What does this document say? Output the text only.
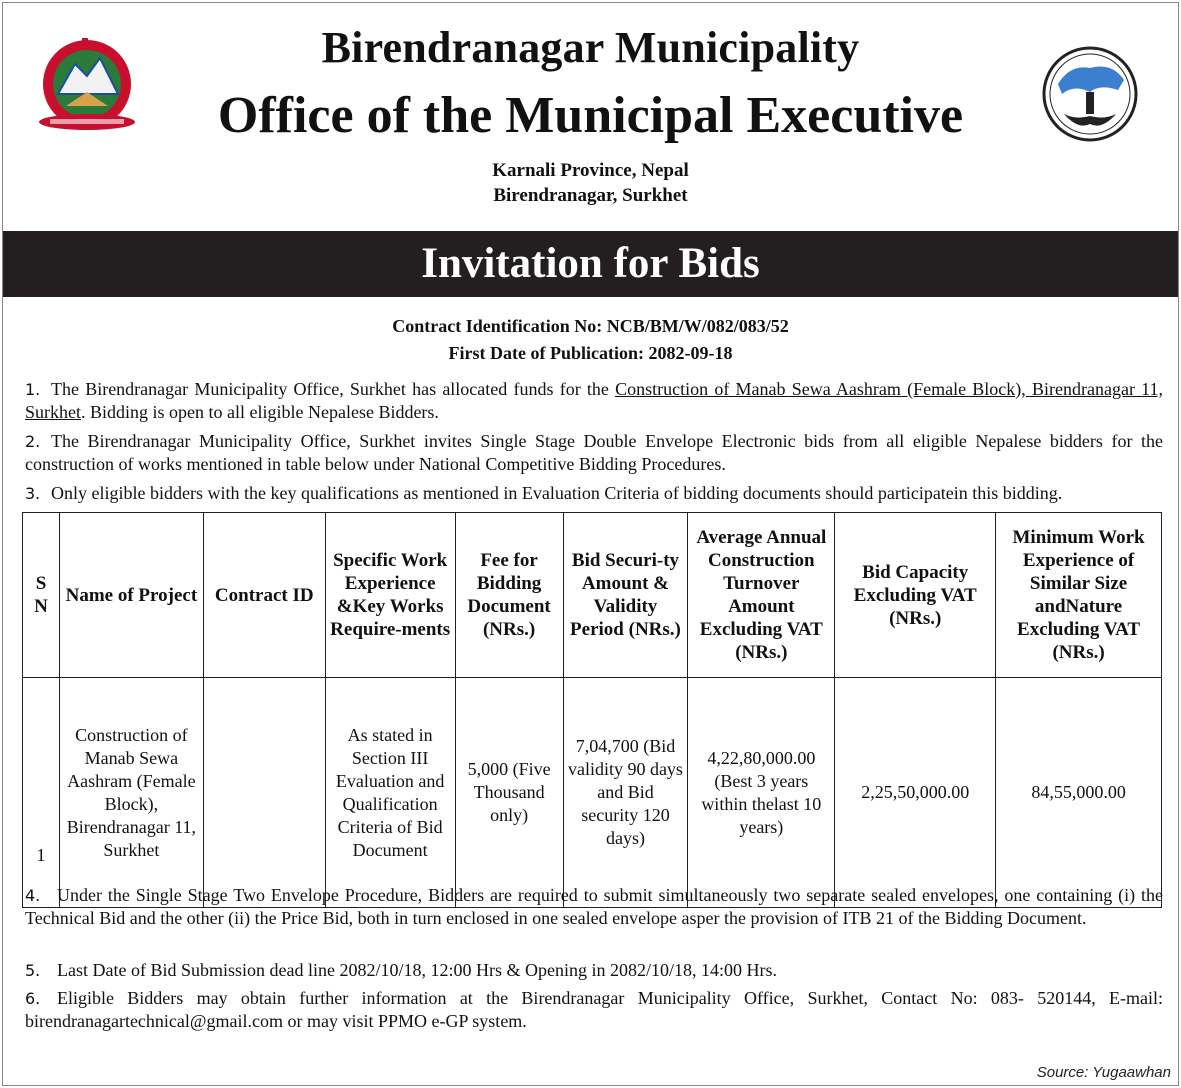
Birendranagar Municipality
Office of the Municipal Executive
Karnali Province, Nepal
Birendranagar, Surkhet
Invitation for Bids
Contract Identification No: NCB/BM/W/082/083/52
First Date of Publication: 2082-09-18
1. The Birendranagar Municipality Office, Surkhet has allocated funds for the Construction of Manab Sewa Aashram (Female Block), Birendranagar 11, Surkhet. Bidding is open to all eligible Nepalese Bidders.
2. The Birendranagar Municipality Office, Surkhet invites Single Stage Double Envelope Electronic bids from all eligible Nepalese bidders for the construction of works mentioned in table below under National Competitive Bidding Procedures.
3. Only eligible bidders with the key qualifications as mentioned in Evaluation Criteria of bidding documents should participatein this bidding.
S N	Name of Project	Contract ID	Specific Work Experience &Key Works Require-ments	Fee for Bidding Document (NRs.)	Bid Securi-ty Amount & Validity Period (NRs.)	Average Annual Construction Turnover Amount Excluding VAT (NRs.)	Bid Capacity Excluding VAT (NRs.)	Minimum Work Experience of Similar Size andNature Excluding VAT (NRs.)
1	Construction of Manab Sewa Aashram (Female Block), Birendranagar 11, Surkhet		As stated in Section III Evaluation and Qualification Criteria of Bid Document	5,000 (Five Thousand only)	7,04,700 (Bid validity 90 days and Bid security 120 days)	4,22,80,000.00 (Best 3 years within thelast 10 years)	2,25,50,000.00	84,55,000.00
4. Under the Single Stage Two Envelope Procedure, Bidders are required to submit simultaneously two separate sealed envelopes, one containing (i) the Technical Bid and the other (ii) the Price Bid, both in turn enclosed in one sealed envelope asper the provision of ITB 21 of the Bidding Document.
5. Last Date of Bid Submission dead line 2082/10/18, 12:00 Hrs & Opening in 2082/10/18, 14:00 Hrs.
6. Eligible Bidders may obtain further information at the Birendranagar Municipality Office, Surkhet, Contact No: 083- 520144, E-mail: birendranagartechnical@gmail.com or may visit PPMO e-GP system.
Source: Yugaawhan
